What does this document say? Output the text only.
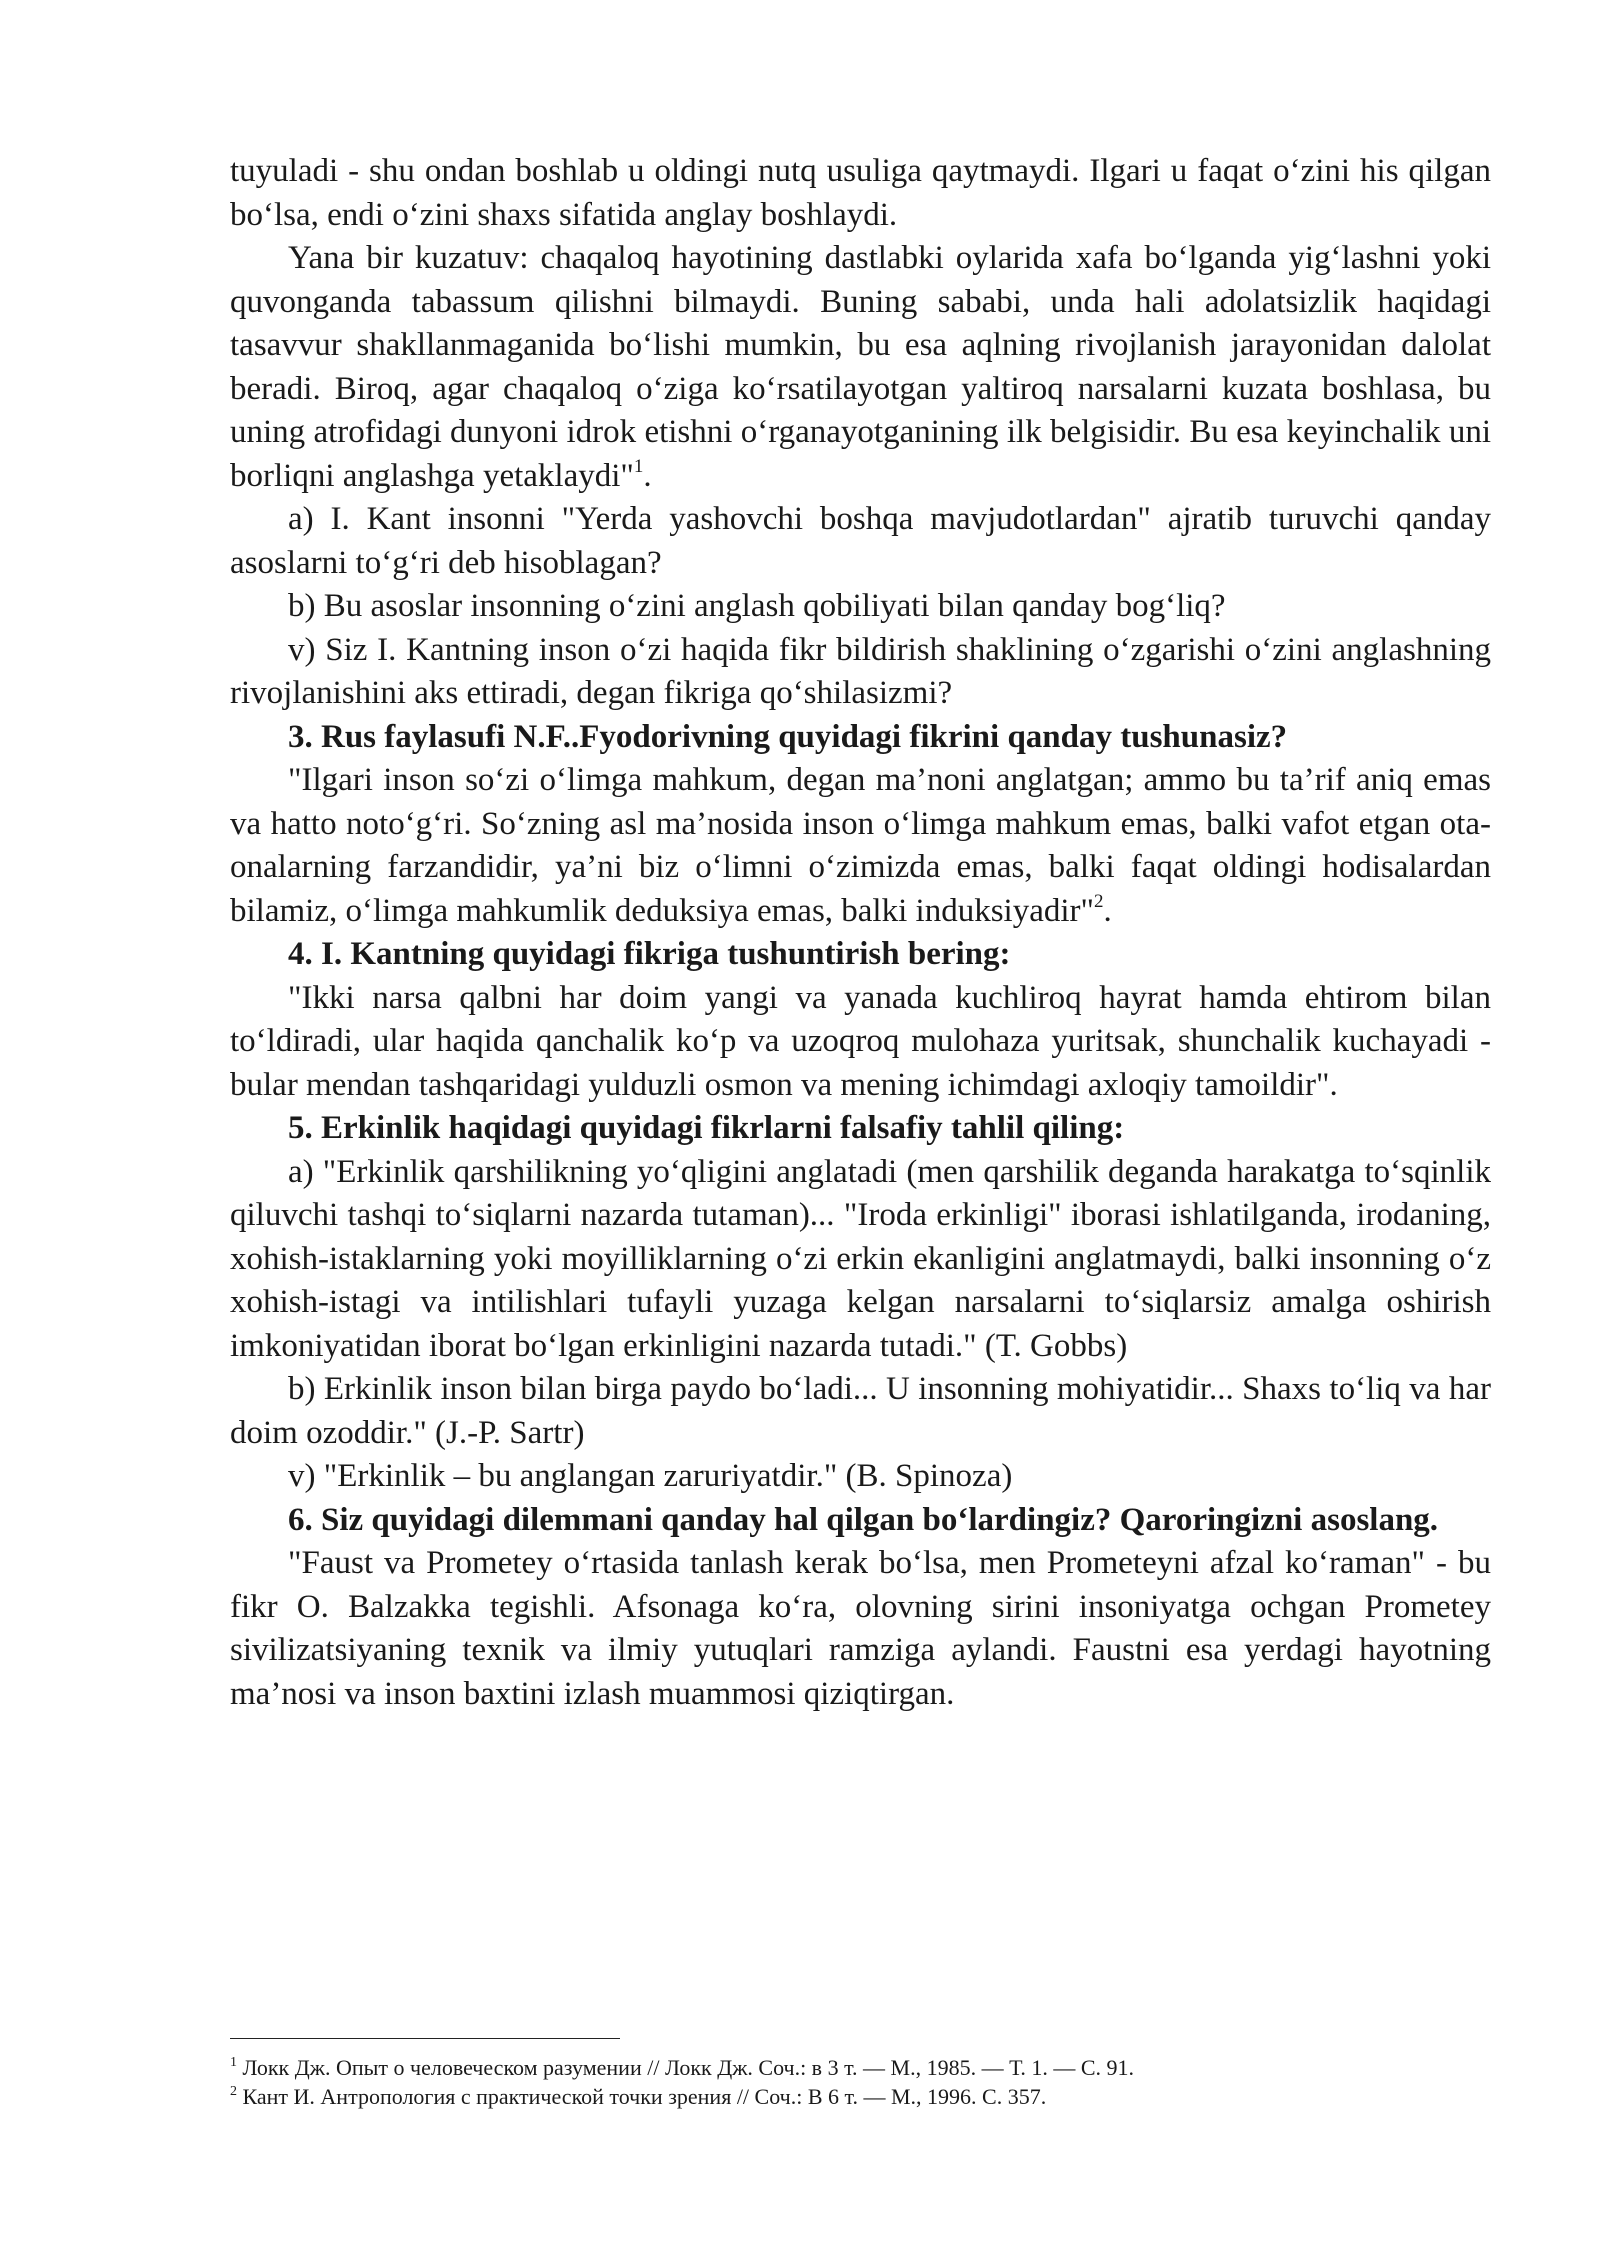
tuyuladi - shu ondan boshlab u oldingi nutq usuliga qaytmaydi. Ilgari u faqat o‘zini his qilgan bo‘lsa, endi o‘zini shaxs sifatida anglay boshlaydi.

Yana bir kuzatuv: chaqaloq hayotining dastlabki oylarida xafa bo‘lganda yig‘lashni yoki quvonganda tabassum qilishni bilmaydi. Buning sababi, unda hali adolatsizlik haqidagi tasavvur shakllanmaganida bo‘lishi mumkin, bu esa aqlning rivojlanish jarayonidan dalolat beradi. Biroq, agar chaqaloq o‘ziga ko‘rsatilayotgan yaltiroq narsalarni kuzata boshlasa, bu uning atrofidagi dunyoni idrok etishni o‘rganayotganining ilk belgisidir. Bu esa keyinchalik uni borliqni anglashga yetaklaydi"$^1$.

a) I. Kant insonni "Yerda yashovchi boshqa mavjudotlardan" ajratib turuvchi qanday asoslarni to‘g‘ri deb hisoblagan?

b) Bu asoslar insonning o‘zini anglash qobiliyati bilan qanday bog‘liq?

v) Siz I. Kantning inson o‘zi haqida fikr bildirish shaklining o‘zgarishi o‘zini anglashning rivojlanishini aks ettiradi, degan fikriga qo‘shilasizmi?

3. Rus faylasufi N.F..Fyodorivning quyidagi fikrini qanday tushunasiz?

"Ilgari inson so‘zi o‘limga mahkum, degan ma’noni anglatgan; ammo bu ta’rif aniq emas va hatto noto‘g‘ri. So‘zning asl ma’nosida inson o‘limga mahkum emas, balki vafot etgan ota-onalarning farzandidir, ya’ni biz o‘limni o‘zimizda emas, balki faqat oldingi hodisalardan bilamiz, o‘limga mahkumlik deduksiya emas, balki induksiyadir"$^2$.

4. I. Kantning quyidagi fikriga tushuntirish bering:

"Ikki narsa qalbni har doim yangi va yanada kuchliroq hayrat hamda ehtirom bilan to‘ldiradi, ular haqida qanchalik ko‘p va uzoqroq mulohaza yuritsak, shunchalik kuchayadi - bular mendan tashqaridagi yulduzli osmon va mening ichimdagi axloqiy tamoildir".

5. Erkinlik haqidagi quyidagi fikrlarni falsafiy tahlil qiling:

a) "Erkinlik qarshilikning yo‘qligini anglatadi (men qarshilik deganda harakatga to‘sqinlik qiluvchi tashqi to‘siqlarni nazarda tutaman)... "Iroda erkinligi" iborasi ishlatilganda, irodaning, xohish-istaklarning yoki moyilliklarning o‘zi erkin ekanligini anglatmaydi, balki insonning o‘z xohish-istagi va intilishlari tufayli yuzaga kelgan narsalarni to‘siqlarsiz amalga oshirish imkoniyatidan iborat bo‘lgan erkinligini nazarda tutadi." (T. Gobbs)

b) Erkinlik inson bilan birga paydo bo‘ladi... U insonning mohiyatidir... Shaxs to‘liq va har doim ozoddir." (J.-P. Sartr)

v) "Erkinlik – bu anglangan zaruriyatdir." (B. Spinoza)

6. Siz quyidagi dilemmani qanday hal qilgan bo‘lardingiz? Qaroringizni asoslang.

"Faust va Prometey o‘rtasida tanlash kerak bo‘lsa, men Prometeyni afzal ko‘raman" - bu fikr O. Balzakka tegishli. Afsonaga ko‘ra, olovning sirini insoniyatga ochgan Prometey sivilizatsiyaning texnik va ilmiy yutuqlari ramziga aylandi. Faustni esa yerdagi hayotning ma’nosi va inson baxtini izlash muammosi qiziqtirgan.

$^1$ Локк Дж. Опыт о человеческом разумении // Локк Дж. Соч.: в 3 т. — М., 1985. — Т. 1. — С. 91.

$^2$ Кант И. Антропология с практической точки зрения // Соч.: В 6 т. — М., 1996. С. 357.
